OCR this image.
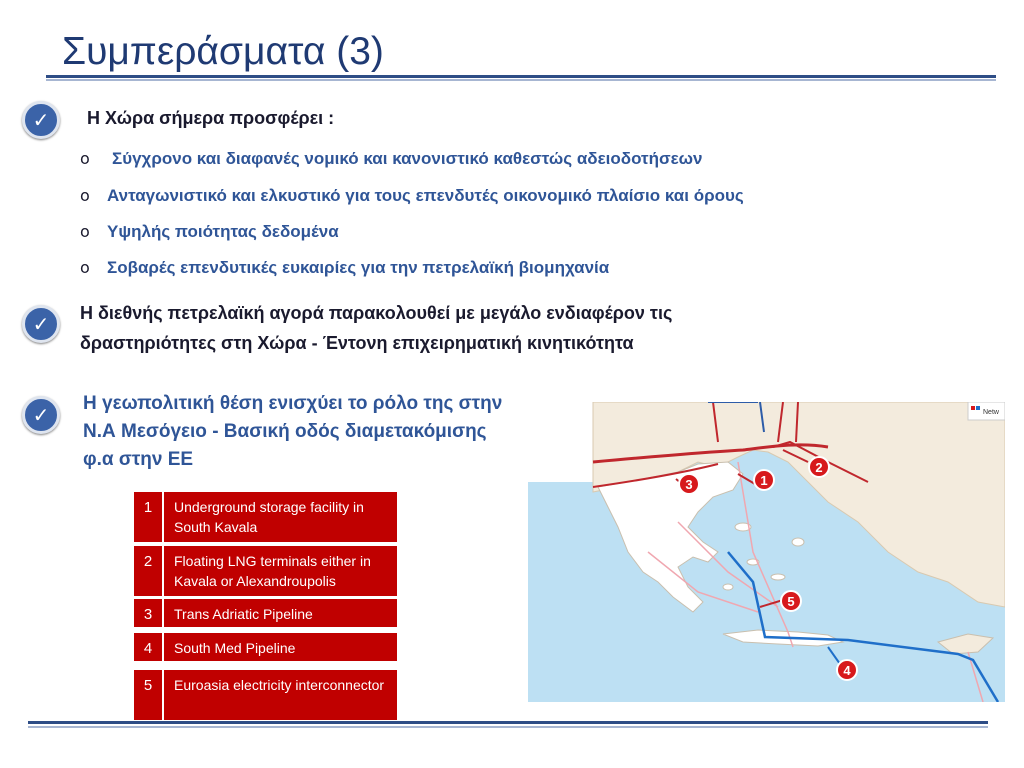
Συμπεράσματα (3)
✓	Η Χώρα σήμερα προσφέρει :
o Σύγχρονο και διαφανές νομικό και κανονιστικό καθεστώς αδειοδοτήσεων
o Ανταγωνιστικό και ελκυστικό για τους επενδυτές οικονομικό πλαίσιο και όρους
o Υψηλής ποιότητας δεδομένα
o Σοβαρές επενδυτικές ευκαιρίες για την πετρελαϊκή βιομηχανία
✓	Η διεθνής πετρελαϊκή αγορά παρακολουθεί με μεγάλο ενδιαφέρον τις
δραστηριότητες στη Χώρα - Έντονη επιχειρηματική κινητικότητα
✓	Η γεωπολιτική θέση ενισχύει το ρόλο της στην
Ν.Α Μεσόγειο - Βασική οδός διαμετακόμισης
φ.α στην ΕΕ
1	Underground storage facility in South Kavala
2	Floating LNG terminals either in Kavala or Alexandroupolis
3	Trans Adriatic Pipeline
4	South Med Pipeline
5	Euroasia electricity interconnector
1
2
3
4
5
Netw
